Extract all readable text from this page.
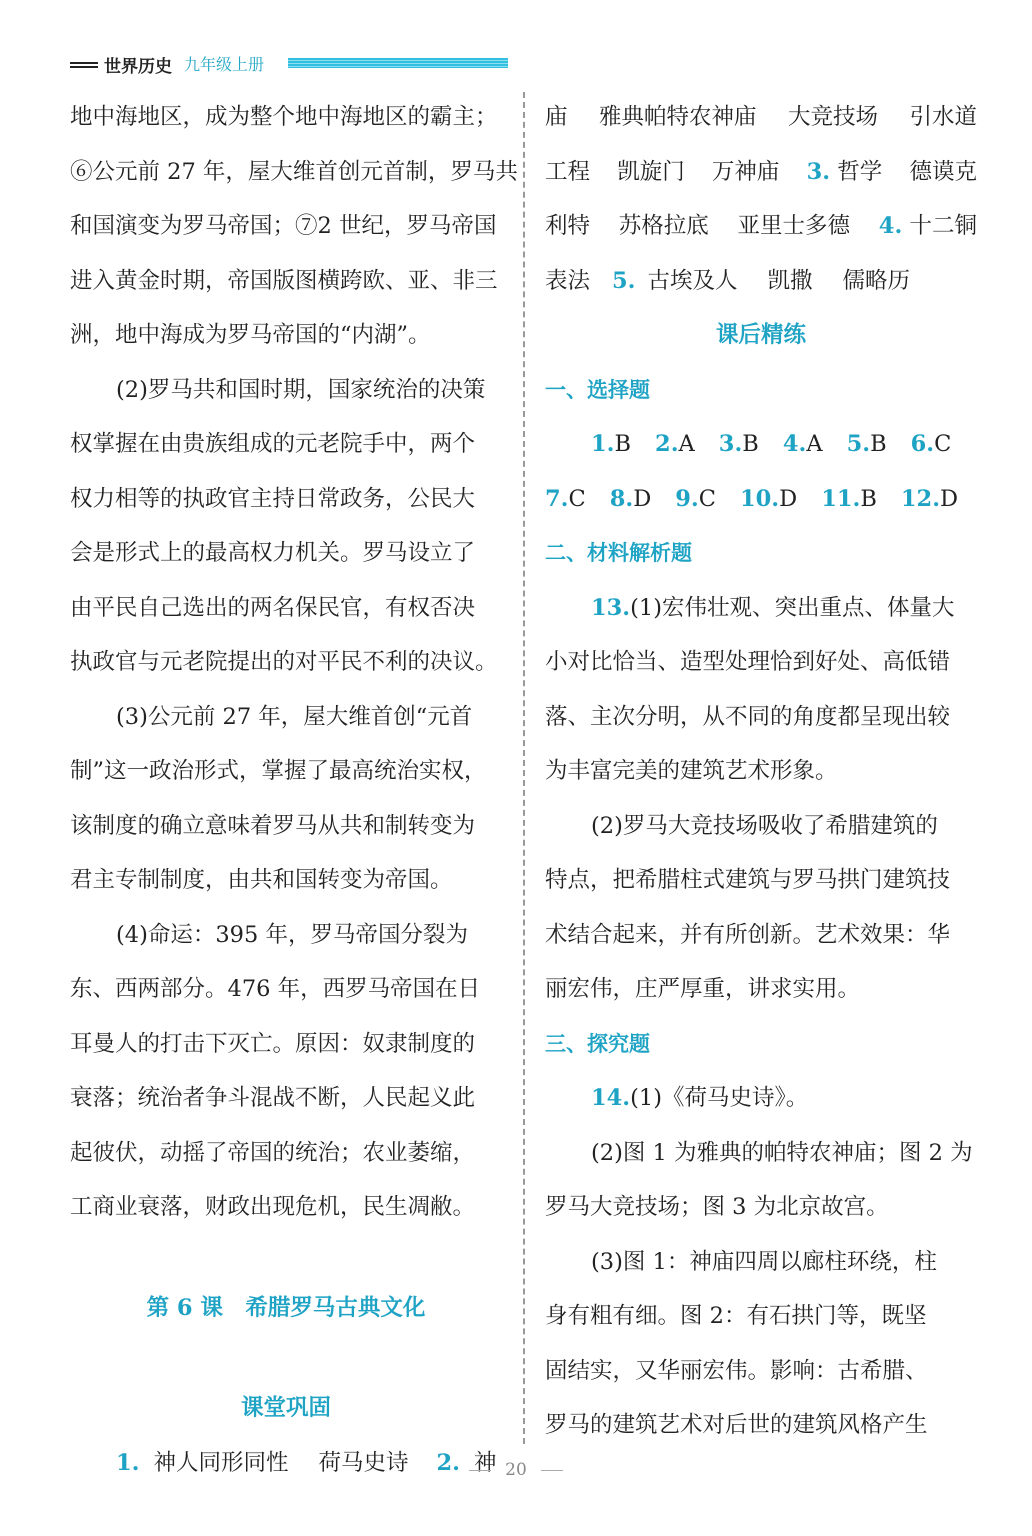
世界历史 九年级上册
地中海地区，成为整个地中海地区的霸主；
⑥公元前 27 年，屋大维首创元首制，罗马共
和国演变为罗马帝国；⑦2 世纪，罗马帝国
进入黄金时期，帝国版图横跨欧、亚、非三
洲，地中海成为罗马帝国的“内湖”。
(2)罗马共和国时期，国家统治的决策
权掌握在由贵族组成的元老院手中，两个
权力相等的执政官主持日常政务，公民大
会是形式上的最高权力机关。罗马设立了
由平民自己选出的两名保民官，有权否决
执政官与元老院提出的对平民不利的决议。
(3)公元前 27 年，屋大维首创“元首
制”这一政治形式，掌握了最高统治实权，
该制度的确立意味着罗马从共和制转变为
君主专制制度，由共和国转变为帝国。
(4)命运：395 年，罗马帝国分裂为
东、西两部分。476 年，西罗马帝国在日
耳曼人的打击下灭亡。原因：奴隶制度的
衰落；统治者争斗混战不断，人民起义此
起彼伏，动摇了帝国的统治；农业萎缩，
工商业衰落，财政出现危机，民生凋敝。
第 6 课　希腊罗马古典文化
课堂巩固
1. 神人同形同性 荷马史诗 2. 神
庙 雅典帕特农神庙 大竞技场 引水道
工程 凯旋门 万神庙 3. 哲学 德谟克
利特 苏格拉底 亚里士多德 4. 十二铜
表法 5. 古埃及人 凯撒 儒略历
课后精练
一、选择题
1.B 2.A 3.B 4.A 5.B 6.C
7.C 8.D 9.C 10.D 11.B 12.D
二、材料解析题
13.(1)宏伟壮观、突出重点、体量大
小对比恰当、造型处理恰到好处、高低错
落、主次分明，从不同的角度都呈现出较
为丰富完美的建筑艺术形象。
(2)罗马大竞技场吸收了希腊建筑的
特点，把希腊柱式建筑与罗马拱门建筑技
术结合起来，并有所创新。艺术效果：华
丽宏伟，庄严厚重，讲求实用。
三、探究题
14.(1)《荷马史诗》。
(2)图 1 为雅典的帕特农神庙；图 2 为
罗马大竞技场；图 3 为北京故宫。
(3)图 1：神庙四周以廊柱环绕，柱
身有粗有细。图 2：有石拱门等，既坚
固结实，又华丽宏伟。影响：古希腊、
罗马的建筑艺术对后世的建筑风格产生
20
